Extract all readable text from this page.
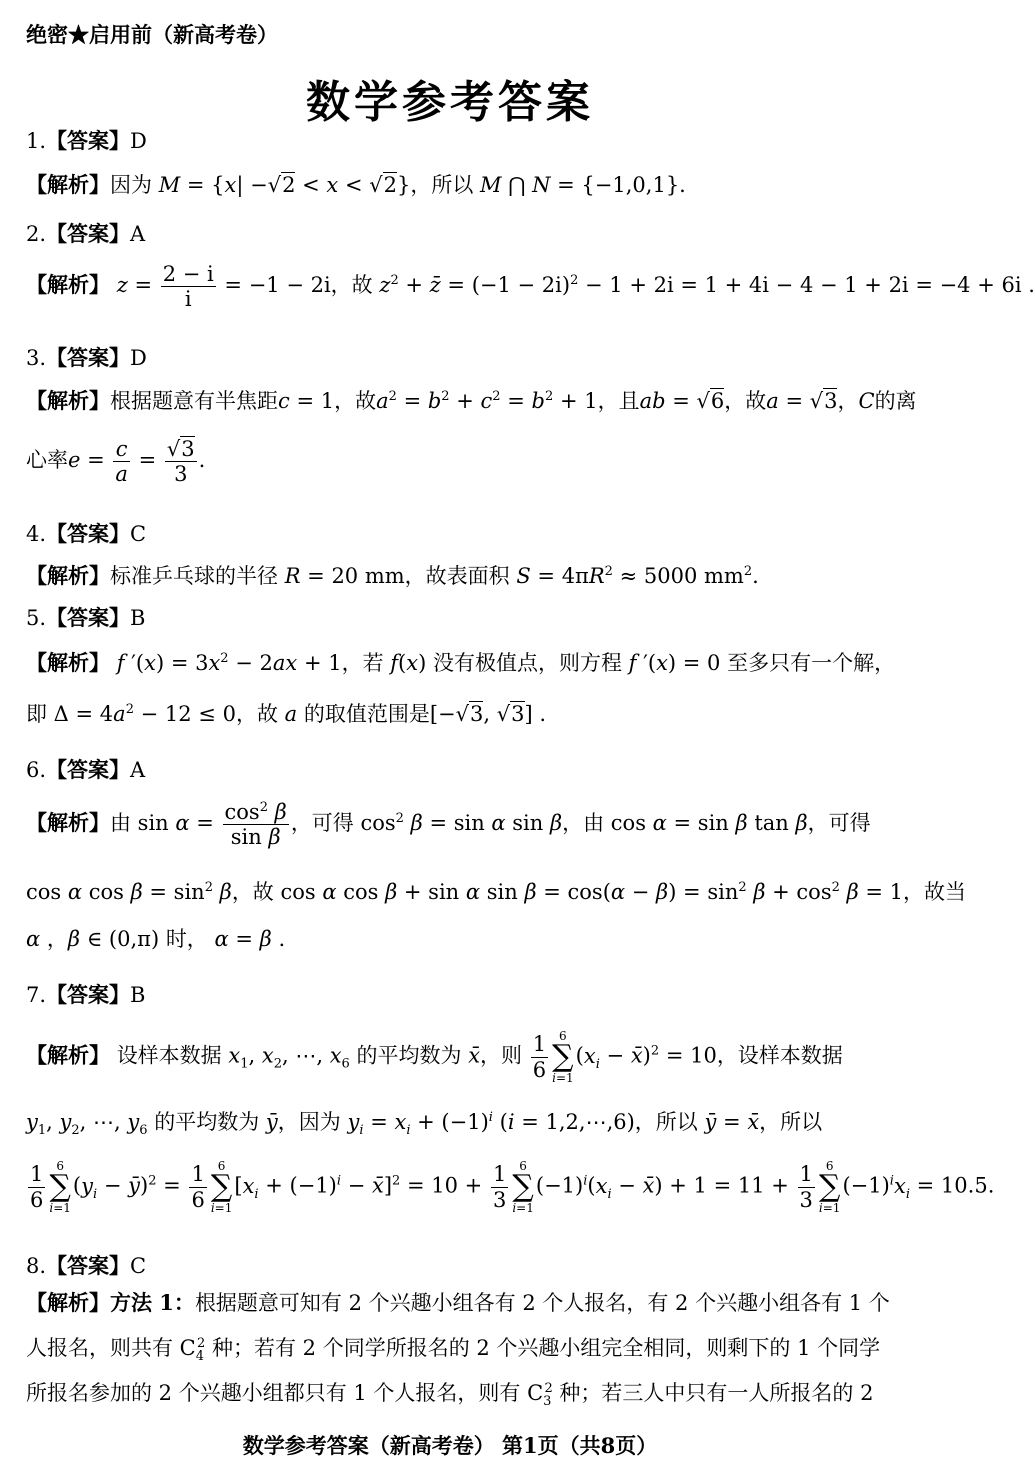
绝密★启用前（新高考卷）
数学参考答案
1.【答案】D
【解析】因为 M = {x| −√2 < x < √2}，所以 M ⋂ N = {−1,0,1}.
2.【答案】A
【解析】 $z = \frac{2 - i}{i} = -1 - 2i$，故 $z^2$ + z̄ = $(-1 - 2i)^2 - 1 + 2i = 1 + 4i - 4 - 1 + 2i = -4 + 6i$ .
3.【答案】D
【解析】根据题意有半焦距c = 1，故$a^2 = b^2 + c^2 = b^2 + 1$，且ab = √6，故a = √3，C的离
心率$e = \frac{c}{a} = \frac{√3}{3}$ .
4.【答案】C
【解析】标准乒乓球的半径 R = 20 mm，故表面积 $S = 4\pi R^2 \approx 5000$ $mm^2$.
5.【答案】B
【解析】 f $'(x) = 3x^2 - 2ax + 1$，若 f(x) 没有极值点，则方程 f ′(x) = 0 至多只有一个解，
即 $\Delta = 4a^2 - 12 \le 0$，故 a 的取值范围是[−√3, √3] .
6.【答案】A
【解析】由 $\sin \alpha = \frac{\cos^2 \beta}{\text{sin β}}$ ，可得 $\cos^2 \beta = \sin \alpha$ sin β，由 cos α = sin β tan β，可得
cos α $\cos \beta = \sin^2 \beta$，故 cos α cos β + sin α $\sin \beta = \cos(\alpha - \beta) = \sin^2 \beta + \cos^2 \beta = 1$，故当
α ，β ∈ (0,π) 时， α = β .
7.【答案】B
【解析】 设样本数据 $x_1$, $x_2$, ⋯, $x_6$ 的平均数为 x̄，则 $\frac{1}{6} 6$
∑
i=1
($x_i$ − x̄)$^2$ = 10，设样本数据
$y_1$, $y_2$, ⋯, $y_6$ 的平均数为 ȳ，因为 $y_i = x_i + (-1)^i$ (i = 1,2,⋯,6)，所以 ȳ = x̄，所以
$\frac{1}{6} 6$
∑
i=1
($y_i$ − ȳ)$^2$ = $\frac{1}{6} 6$
∑
i=1
[$x_i + (-1)^i$ − x̄]$^2$ = $10 + \frac{1}{3} 6$
∑
i=1
$(-1)^i(x_i$ − x̄) + $1 = 11 + \frac{1}{3} 6$
∑
i=1
$(-1)^ix_i = 10.5$.
8.【答案】C
【解析】方法 1：根据题意可知有 2 个兴趣小组各有 2 个人报名，有 2 个兴趣小组各有 1 个
人报名，则共有 $C_4^2$ 种；若有 2 个同学所报名的 2 个兴趣小组完全相同，则剩下的 1 个同学
所报名参加的 2 个兴趣小组都只有 1 个人报名，则有 $C_3^2$ 种；若三人中只有一人所报名的 2
数学参考答案（新高考卷） 第1页（共8页）
